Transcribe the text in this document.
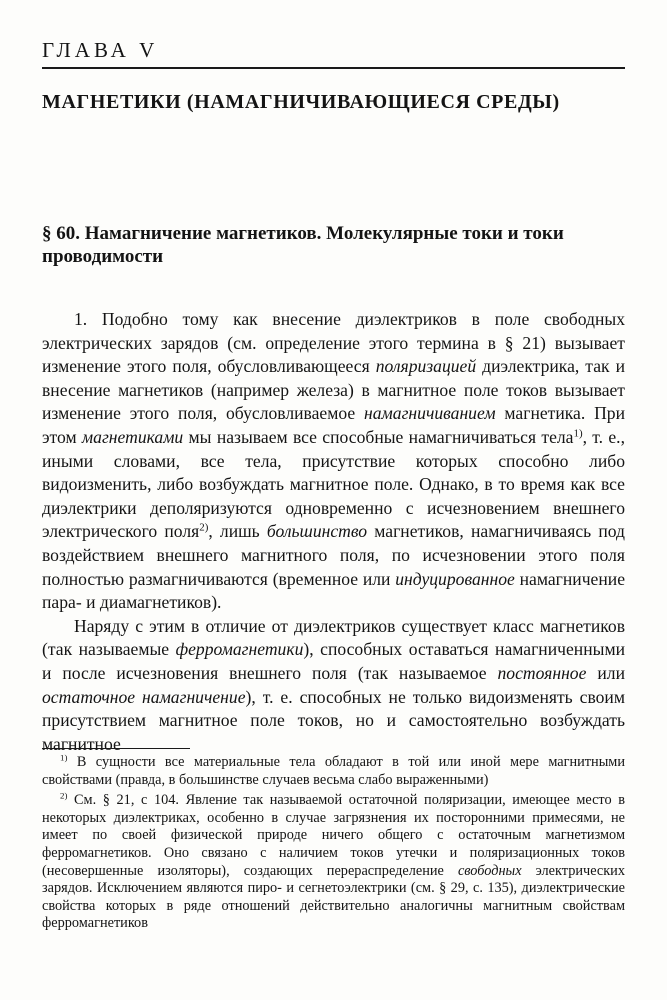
ГЛАВА V
МАГНЕТИКИ (НАМАГНИЧИВАЮЩИЕСЯ СРЕДЫ)
§ 60. Намагничение магнетиков. Молекулярные токи и токи проводимости

1. Подобно тому как внесение диэлектриков в поле свободных электрических зарядов (см. определение этого термина в § 21) вызывает изменение этого поля, обусловливающееся поляризацией диэлектрика, так и внесение магнетиков (например железа) в магнитное поле токов вызывает изменение этого поля, обусловливаемое намагничиванием магнетика. При этом магнетиками мы называем все способные намагничиваться тела$^{1)}$, т. е., иными словами, все тела, присутствие которых способно либо видоизменить, либо возбуждать магнитное поле. Однако, в то время как все диэлектрики деполяризуются одновременно с исчезновением внешнего электрического поля$^{2)}$, лишь большинство магнетиков, намагничиваясь под воздействием внешнего магнитного поля, по исчезновении этого поля полностью размагничиваются (временное или индуцированное намагничение пара- и диамагнетиков).

Наряду с этим в отличие от диэлектриков существует класс магнетиков (так называемые ферромагнетики), способных оставаться намагниченными и после исчезновения внешнего поля (так называемое постоянное или остаточное намагничение), т. е. способных не только видоизменять своим присутствием магнитное поле токов, но и самостоятельно возбуждать магнитное

$^{1)}$ В сущности все материальные тела обладают в той или иной мере магнитными свойствами (правда, в большинстве случаев весьма слабо выраженными)

$^{2)}$ См. § 21, с 104. Явление так называемой остаточной поляризации, имеющее место в некоторых диэлектриках, особенно в случае загрязнения их посторонними примесями, не имеет по своей физической природе ничего общего с остаточным магнетизмом ферромагнетиков. Оно связано с наличием токов утечки и поляризационных токов (несовершенные изоляторы), создающих перераспределение свободных электрических зарядов. Исключением являются пиро- и сегнетоэлектрики (см. § 29, с. 135), диэлектрические свойства которых в ряде отношений действительно аналогичны магнитным свойствам ферромагнетиков
